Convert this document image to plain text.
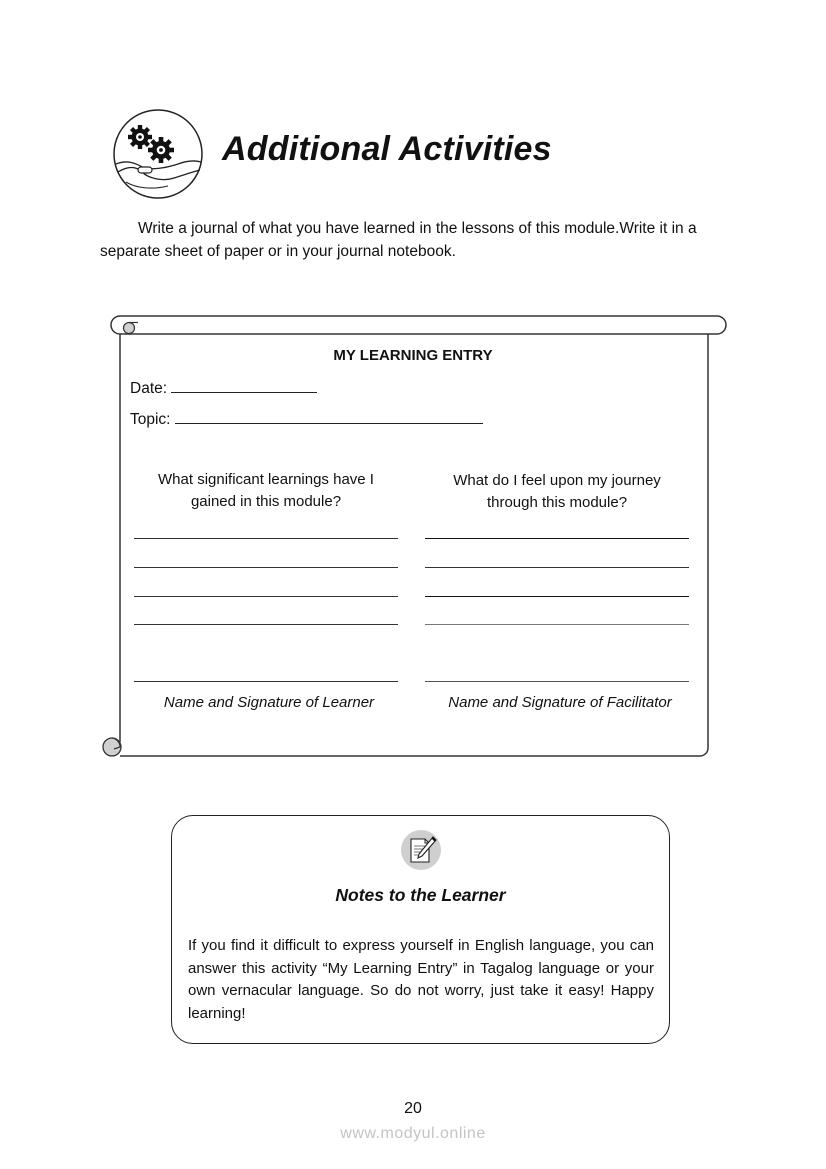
Additional Activities

Write a journal of what you have learned in the lessons of this module.Write it in a separate sheet of paper or in your journal notebook.

MY LEARNING ENTRY
Date:
Topic:
What significant learnings have I
gained in this module?
What do I feel upon my journey
through this module?
Name and Signature of Learner	Name and Signature of Facilitator
Notes to the Learner

If you find it difficult to express yourself in English language, you can answer this activity “My Learning Entry” in Tagalog language or your own vernacular language. So do not worry, just take it easy! Happy learning!

20
www.modyul.online
